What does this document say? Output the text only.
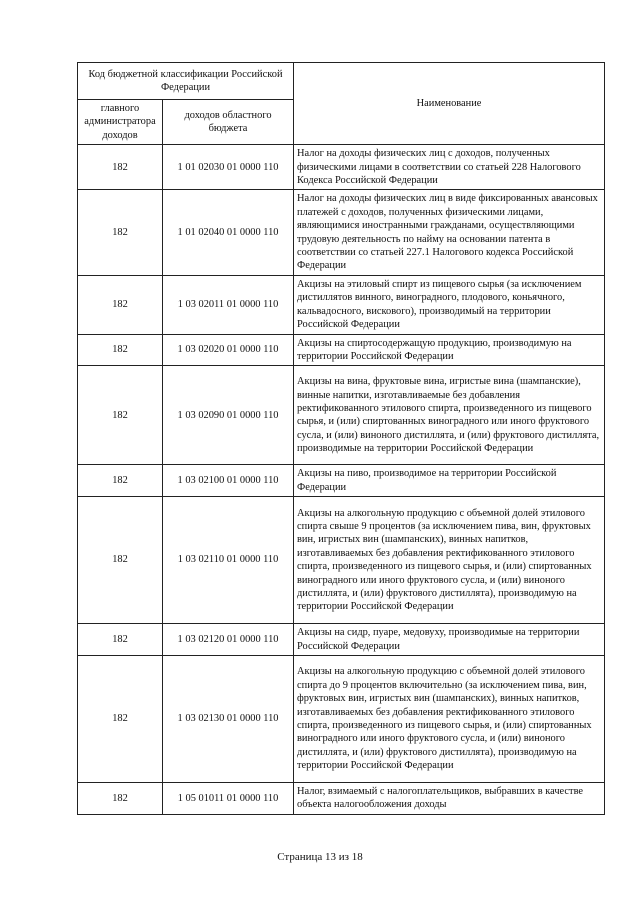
Код бюджетной классификации Российской Федерации		Наименование
главного администратора доходов	доходов областного бюджета	
182	1 01 02030 01 0000 110	Налог на доходы физических лиц с доходов, полученных физическими лицами в соответствии со статьей 228 Налогового Кодекса Российской Федерации
182	1 01 02040 01 0000 110	Налог на доходы физических лиц в виде фиксированных авансовых платежей с доходов, полученных физическими лицами, являющимися иностранными гражданами, осуществляющими трудовую деятельность по найму на основании патента в соответствии со статьей 227.1 Налогового кодекса Российской Федерации
182	1 03 02011 01 0000 110	Акцизы на этиловый спирт из пищевого сырья (за исключением дистиллятов винного, виноградного, плодового, коньячного, кальвадосного, вискового), производимый на территории Российской Федерации
182	1 03 02020 01 0000 110	Акцизы на спиртосодержащую продукцию, производимую на территории Российской Федерации
182	1 03 02090 01 0000 110	Акцизы на вина, фруктовые вина, игристые вина (шампанские), винные напитки, изготавливаемые без добавления ректификованного этилового спирта, произведенного из пищевого сырья, и (или) спиртованных виноградного или иного фруктового сусла, и (или) виноного дистиллята, и (или) фруктового дистиллята, производимые на территории Российской Федерации
182	1 03 02100 01 0000 110	Акцизы на пиво, производимое на территории Российской Федерации
182	1 03 02110 01 0000 110	Акцизы на алкогольную продукцию с объемной долей этилового спирта свыше 9 процентов (за исключением пива, вин, фруктовых вин, игристых вин (шампанских), винных напитков, изготавливаемых без добавления ректификованного этилового спирта, произведенного из пищевого сырья, и (или) спиртованных виноградного или иного фруктового сусла, и (или) виноного дистиллята, и (или) фруктового дистиллята), производимую на территории Российской Федерации
182	1 03 02120 01 0000 110	Акцизы на сидр, пуаре, медовуху, производимые на территории Российской Федерации
182	1 03 02130 01 0000 110	Акцизы на алкогольную продукцию с объемной долей этилового спирта до 9 процентов включительно (за исключением пива, вин, фруктовых вин, игристых вин (шампанских), винных напитков, изготавливаемых без добавления ректификованного этилового спирта, произведенного из пищевого сырья, и (или) спиртованных виноградного или иного фруктового сусла, и (или) виноного дистиллята, и (или) фруктового дистиллята), производимую на территории Российской Федерации
182	1 05 01011 01 0000 110	Налог, взимаемый с налогоплательщиков, выбравших в качестве объекта налогообложения доходы
Страница 13 из 18
